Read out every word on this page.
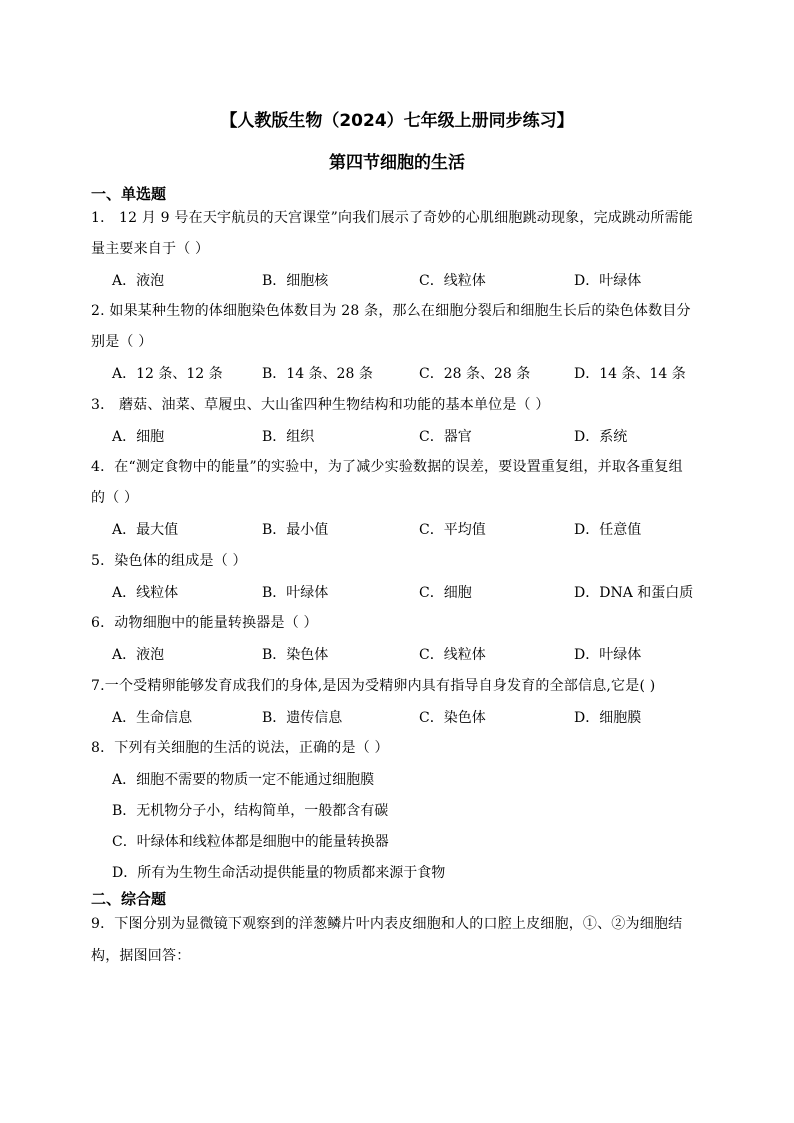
【人教版生物（2024）七年级上册同步练习】
第四节细胞的生活
一、单选题
1． 12 月 9 号在天宇航员的天宫课堂”向我们展示了奇妙的心肌细胞跳动现象，完成跳动所需能
量主要来自于（ ）
A．液泡	B．细胞核	C．线粒体	D．叶绿体
2. 如果某种生物的体细胞染色体数目为 28 条，那么在细胞分裂后和细胞生长后的染色体数目分
别是（ ）
A．12 条、12 条	B．14 条、28 条	C．28 条、28 条	D．14 条、14 条
3． 蘑菇、油菜、草履虫、大山雀四种生物结构和功能的基本单位是（ ）
A．细胞	B．组织	C．器官	D．系统
4．在“测定食物中的能量”的实验中，为了减少实验数据的误差，要设置重复组，并取各重复组
的（ ）
A．最大值	B．最小值	C．平均值	D．任意值
5．染色体的组成是（ ）
A．线粒体	B．叶绿体	C．细胞	D．DNA 和蛋白质
6．动物细胞中的能量转换器是（ ）
A．液泡	B．染色体	C．线粒体	D．叶绿体
7.一个受精卵能够发育成我们的身体,是因为受精卵内具有指导自身发育的全部信息,它是( )
A．生命信息	B．遗传信息	C．染色体	D．细胞膜
8．下列有关细胞的生活的说法，正确的是（ ）
A．细胞不需要的物质一定不能通过细胞膜
B．无机物分子小，结构简单，一般都含有碳
C．叶绿体和线粒体都是细胞中的能量转换器
D．所有为生物生命活动提供能量的物质都来源于食物
二、综合题
9．下图分别为显微镜下观察到的洋葱鳞片叶内表皮细胞和人的口腔上皮细胞，①、②为细胞结
构，据图回答：
